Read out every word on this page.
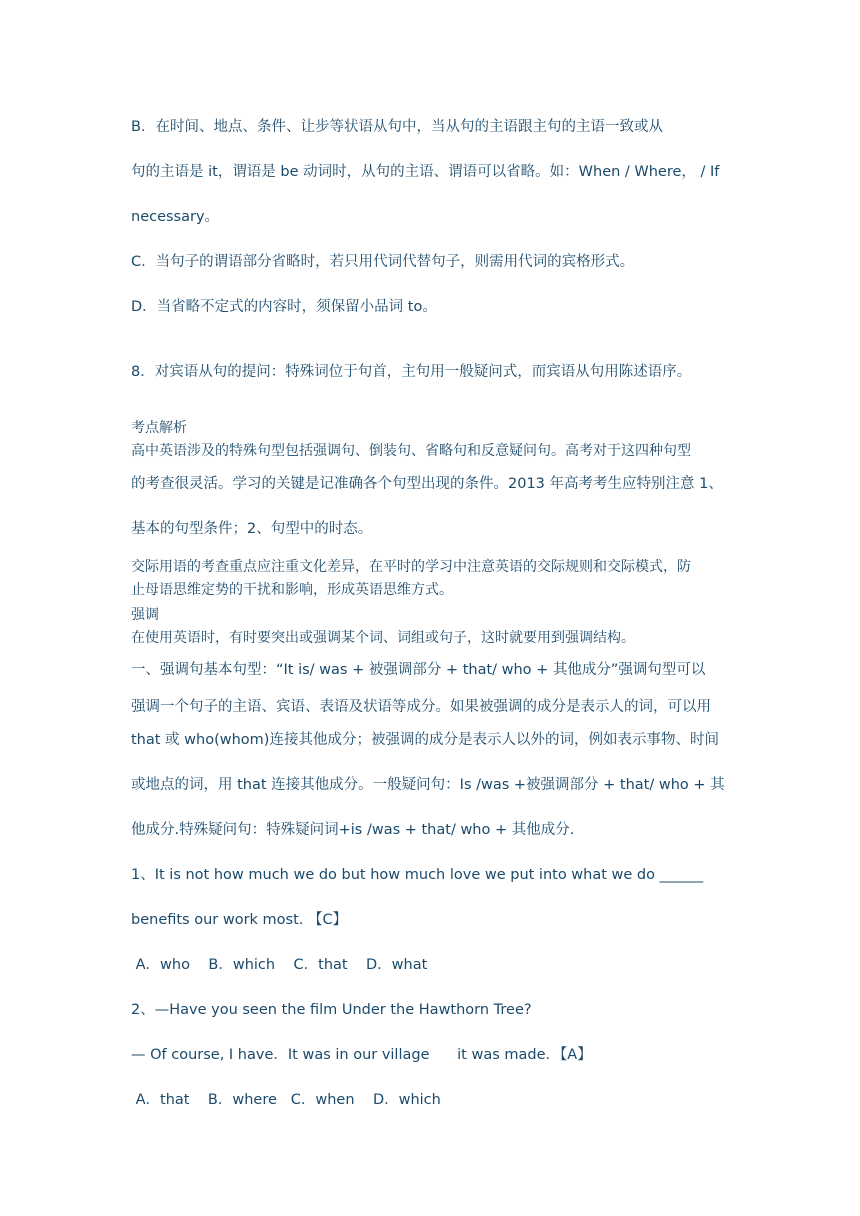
B．在时间、地点、条件、让步等状语从句中，当从句的主语跟主句的主语一致或从
句的主语是 it，谓语是 be 动词时，从句的主语、谓语可以省略。如：When / Where， / If
necessary。
C．当句子的谓语部分省略时，若只用代词代替句子，则需用代词的宾格形式。
D．当省略不定式的内容时，须保留小品词 to。
8．对宾语从句的提问：特殊词位于句首，主句用一般疑问式，而宾语从句用陈述语序。
考点解析
高中英语涉及的特殊句型包括强调句、倒装句、省略句和反意疑问句。高考对于这四种句型
的考查很灵活。学习的关键是记准确各个句型出现的条件。2013 年高考考生应特别注意 1、
基本的句型条件；2、句型中的时态。
交际用语的考查重点应注重文化差异，在平时的学习中注意英语的交际规则和交际模式，防
止母语思维定势的干扰和影响，形成英语思维方式。
强调
在使用英语时，有时要突出或强调某个词、词组或句子，这时就要用到强调结构。
一、强调句基本句型：“It is/ was + 被强调部分 + that/ who + 其他成分”强调句型可以
强调一个句子的主语、宾语、表语及状语等成分。如果被强调的成分是表示人的词，可以用
that 或 who(whom)连接其他成分；被强调的成分是表示人以外的词，例如表示事物、时间
或地点的词，用 that 连接其他成分。一般疑问句：Is /was +被强调部分 + that/ who + 其
他成分.特殊疑问句：特殊疑问词+is /was + that/ who + 其他成分.
1、It is not how much we do but how much love we put into what we do ______
benefits our work most. 【C】
A．who    B．which    C．that    D．what
2、—Have you seen the film Under the Hawthorn Tree?
— Of course, I have．It was in our village      it was made．【A】
A．that    B．where   C．when    D．which
